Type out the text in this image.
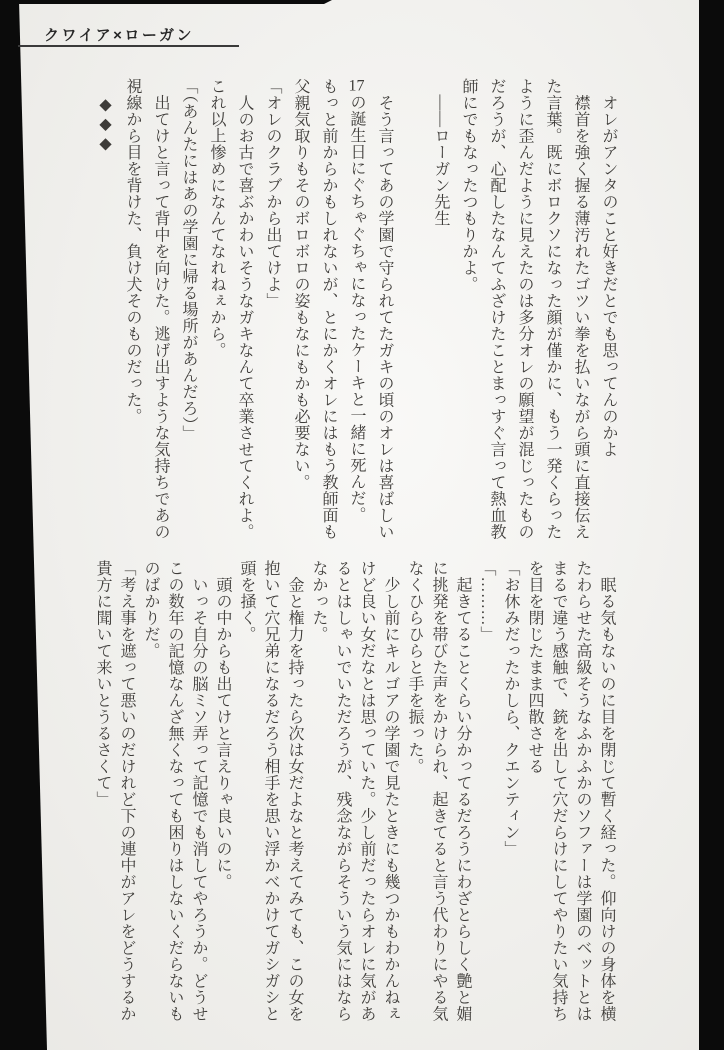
クワイア×ローガン
　オレがアンタのこと好きだとでも思ってんのかよ
　襟首を強く握る薄汚れたゴツい拳を払いながら頭に直接伝え
た言葉。既にボロクソになった顔が僅かに、もう一発くらった
ように歪んだように見えたのは多分オレの願望が混じったもの
だろうが、心配したなんてふざけたことまっすぐ言って熱血教
師にでもなったつもりかよ。
　――ローガン先生

　そう言ってあの学園で守られてたガキの頃のオレは喜ばしい
17の誕生日にぐちゃぐちゃになったケーキと一緒に死んだ。
もっと前からかもしれないが、とにかくオレにはもう教師面も
父親気取りもそのボロボロの姿もなにもかも必要ない。
「オレのクラブから出てけよ」
　人のお古で喜ぶかわいそうなガキなんて卒業させてくれよ。
これ以上惨めになんてなれねぇから。
「（あんたにはあの学園に帰る場所があんだろ）」
　出てけと言って背中を向けた。逃げ出すような気持ちであの
視線から目を背けた、負け犬そのものだった。
　◆◆◆
　眠る気もないのに目を閉じて暫く経った。仰向けの身体を横
たわらせた高級そうなふかふかのソファーは学園のベットとは
まるで違う感触で、銃を出して穴だらけにしてやりたい気持ち
を目を閉じたまま四散させる
「お休みだったかしら、クエンティン」
「………」
　起きてることくらい分かってるだろうにわざとらしく艶と媚
に挑発を帯びた声をかけられ、起きてると言う代わりにやる気
なくひらひらと手を振った。
　少し前にキルゴアの学園で見たときにも幾つかもわかんねぇ
けど良い女だなとは思っていた。少し前だったらオレに気があ
るとはしゃいでいただろうが、残念ながらそういう気にはなら
なかった。
　金と権力を持ったら次は女だよなと考えてみても、この女を
抱いて穴兄弟になるだろう相手を思い浮かべかけてガシガシと
頭を掻く。
　頭の中からも出てけと言えりゃ良いのに。
　いっそ自分の脳ミソ弄って記憶でも消してやろうか。どうせ
この数年の記憶なんざ無くなっても困りはしないくだらないも
のばかりだ。
「考え事を遮って悪いのだけれど下の連中がアレをどうするか
貴方に聞いて来いとうるさくて」
